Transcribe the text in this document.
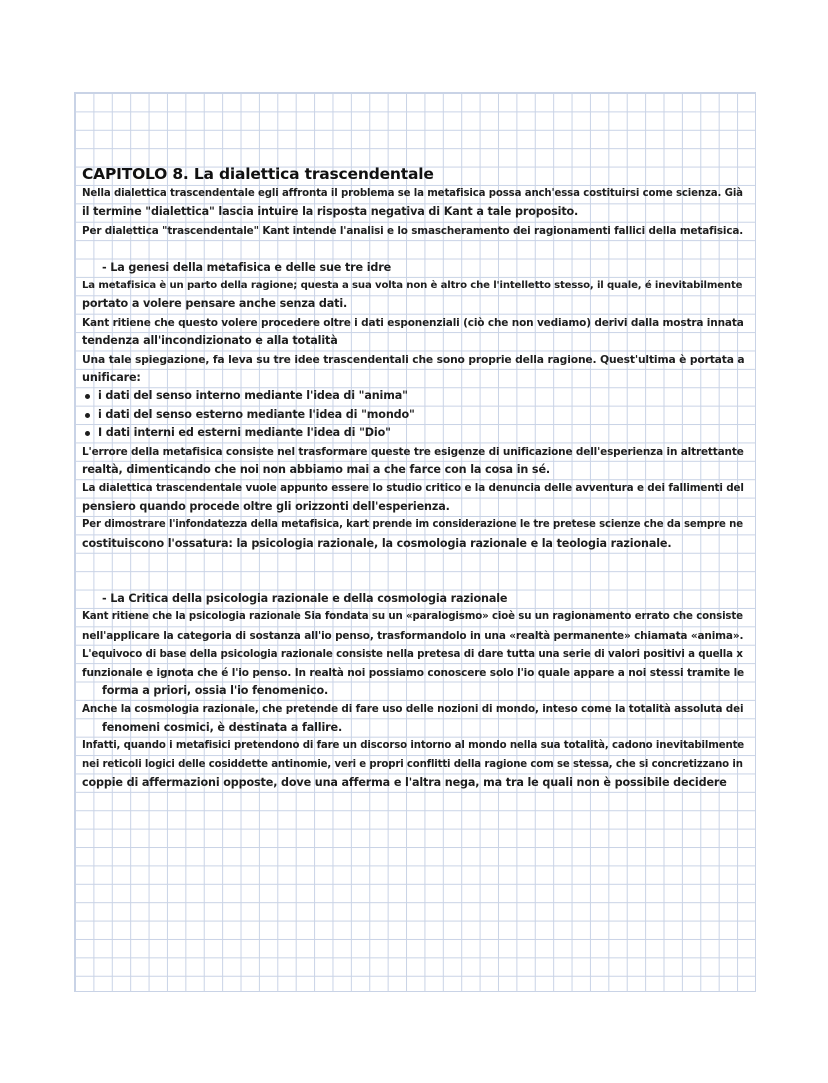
CAPITOLO 8. La dialettica trascendentale
Nella dialettica trascendentale egli affronta il problema se la metafisica possa anch'essa costituirsi come scienza. Già
il termine "dialettica" lascia intuire la risposta negativa di Kant a tale proposito.
Per dialettica "trascendentale" Kant intende l'analisi e lo smascheramento dei ragionamenti fallici della metafisica.
- La genesi della metafisica e delle sue tre idre
La metafisica è un parto della ragione; questa a sua volta non è altro che l'intelletto stesso, il quale, é inevitabilmente
portato a volere pensare anche senza dati.
Kant ritiene che questo volere procedere oltre i dati esponenziali (ciò che non vediamo) derivi dalla mostra innata
tendenza all'incondizionato e alla totalità
Una tale spiegazione, fa leva su tre idee trascendentali che sono proprie della ragione. Quest'ultima è portata a
unificare:
i dati del senso interno mediante l'idea di "anima"
i dati del senso esterno mediante l'idea di "mondo"
I dati interni ed esterni mediante l'idea di "Dio"
L'errore della metafisica consiste nel trasformare queste tre esigenze di unificazione dell'esperienza in altrettante
realtà, dimenticando che noi non abbiamo mai a che farce con la cosa in sé.
La dialettica trascendentale vuole appunto essere lo studio critico e la denuncia delle avventura e dei fallimenti del
pensiero quando procede oltre gli orizzonti dell'esperienza.
Per dimostrare l'infondatezza della metafisica, kart prende im considerazione le tre pretese scienze che da sempre ne
costituiscono l'ossatura: la psicologia razionale, la cosmologia razionale e la teologia razionale.
- La Critica della psicologia razionale e della cosmologia razionale
Kant ritiene che la psicologia razionale Sia fondata su un «paralogismo» cioè su un ragionamento errato che consiste
nell'applicare la categoria di sostanza all'io penso, trasformandolo in una «realtà permanente» chiamata «anima».
L'equivoco di base della psicologia razionale consiste nella pretesa di dare tutta una serie di valori positivi a quella x
funzionale e ignota che é l'io penso. In realtà noi possiamo conoscere solo l'io quale appare a noi stessi tramite le
forma a priori, ossia l'io fenomenico.
Anche la cosmologia razionale, che pretende di fare uso delle nozioni di mondo, inteso come la totalità assoluta dei
fenomeni cosmici, è destinata a fallire.
Infatti, quando i metafisici pretendono di fare un discorso intorno al mondo nella sua totalità, cadono inevitabilmente
nei reticoli logici delle cosiddette antinomie, veri e propri conflitti della ragione com se stessa, che si concretizzano in
coppie di affermazioni opposte, dove una afferma e l'altra nega, ma tra le quali non è possibile decidere
